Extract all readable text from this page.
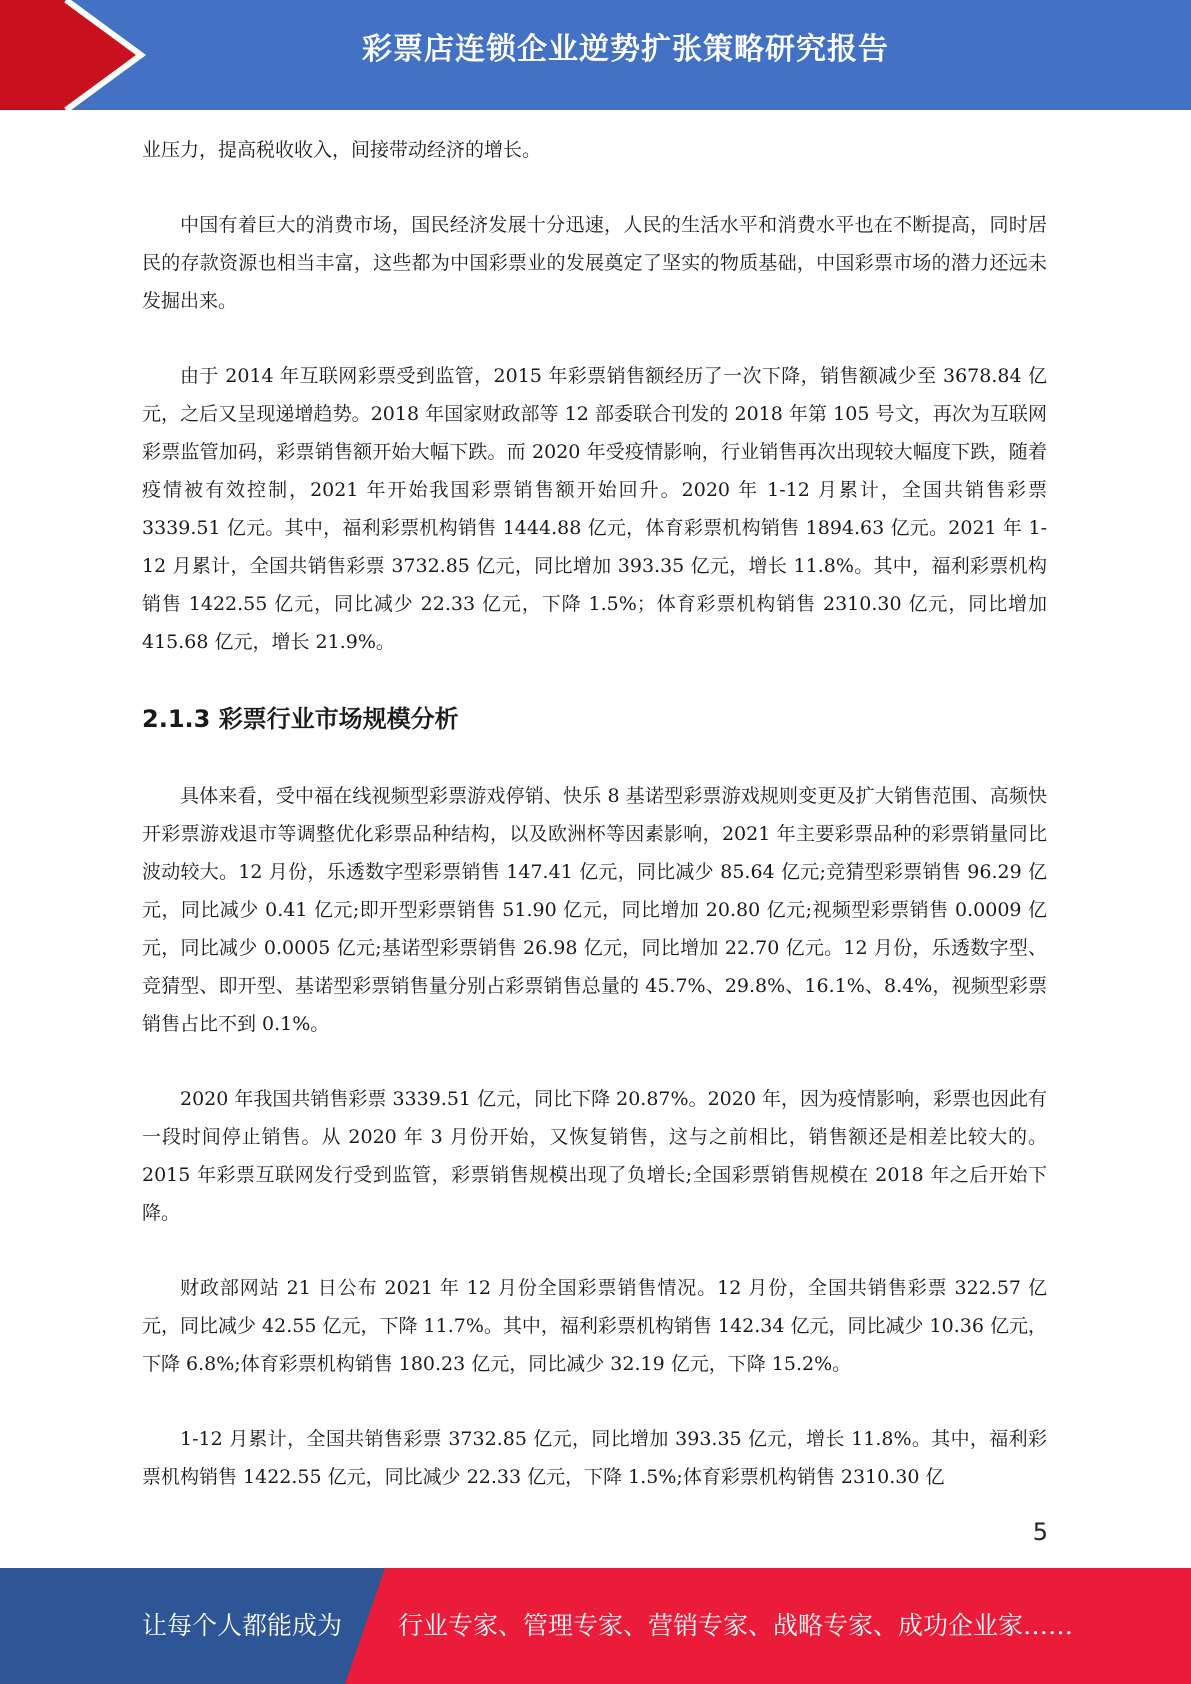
彩票店连锁企业逆势扩张策略研究报告

业压力，提高税收收入，间接带动经济的增长。

中国有着巨大的消费市场，国民经济发展十分迅速，人民的生活水平和消费水平也在不断提高，同时居民的存款资源也相当丰富，这些都为中国彩票业的发展奠定了坚实的物质基础，中国彩票市场的潜力还远未发掘出来。

由于 2014 年互联网彩票受到监管，2015 年彩票销售额经历了一次下降，销售额减少至 3678.84 亿元，之后又呈现递增趋势。2018 年国家财政部等 12 部委联合刊发的 2018 年第 105 号文，再次为互联网彩票监管加码，彩票销售额开始大幅下跌。而 2020 年受疫情影响，行业销售再次出现较大幅度下跌，随着疫情被有效控制，2021 年开始我国彩票销售额开始回升。2020 年 1-12 月累计，全国共销售彩票 3339.51 亿元。其中，福利彩票机构销售 1444.88 亿元，体育彩票机构销售 1894.63 亿元。2021 年 1-12 月累计，全国共销售彩票 3732.85 亿元，同比增加 393.35 亿元，增长 11.8%。其中，福利彩票机构销售 1422.55 亿元，同比减少 22.33 亿元，下降 1.5%；体育彩票机构销售 2310.30 亿元，同比增加 415.68 亿元，增长 21.9%。

2.1.3 彩票行业市场规模分析

具体来看，受中福在线视频型彩票游戏停销、快乐 8 基诺型彩票游戏规则变更及扩大销售范围、高频快开彩票游戏退市等调整优化彩票品种结构，以及欧洲杯等因素影响，2021 年主要彩票品种的彩票销量同比波动较大。12 月份，乐透数字型彩票销售 147.41 亿元，同比减少 85.64 亿元;竞猜型彩票销售 96.29 亿元，同比减少 0.41 亿元;即开型彩票销售 51.90 亿元，同比增加 20.80 亿元;视频型彩票销售 0.0009 亿元，同比减少 0.0005 亿元;基诺型彩票销售 26.98 亿元，同比增加 22.70 亿元。12 月份，乐透数字型、竞猜型、即开型、基诺型彩票销售量分别占彩票销售总量的 45.7%、29.8%、16.1%、8.4%，视频型彩票销售占比不到 0.1%。

2020 年我国共销售彩票 3339.51 亿元，同比下降 20.87%。2020 年，因为疫情影响，彩票也因此有一段时间停止销售。从 2020 年 3 月份开始，又恢复销售，这与之前相比，销售额还是相差比较大的。2015 年彩票互联网发行受到监管，彩票销售规模出现了负增长;全国彩票销售规模在 2018 年之后开始下降。

财政部网站 21 日公布 2021 年 12 月份全国彩票销售情况。12 月份，全国共销售彩票 322.57 亿元，同比减少 42.55 亿元，下降 11.7%。其中，福利彩票机构销售 142.34 亿元，同比减少 10.36 亿元，下降 6.8%;体育彩票机构销售 180.23 亿元，同比减少 32.19 亿元，下降 15.2%。

1-12 月累计，全国共销售彩票 3732.85 亿元，同比增加 393.35 亿元，增长 11.8%。其中，福利彩票机构销售 1422.55 亿元，同比减少 22.33 亿元，下降 1.5%;体育彩票机构销售 2310.30 亿

5
让每个人都能成为 行业专家、管理专家、营销专家、战略专家、成功企业家……
